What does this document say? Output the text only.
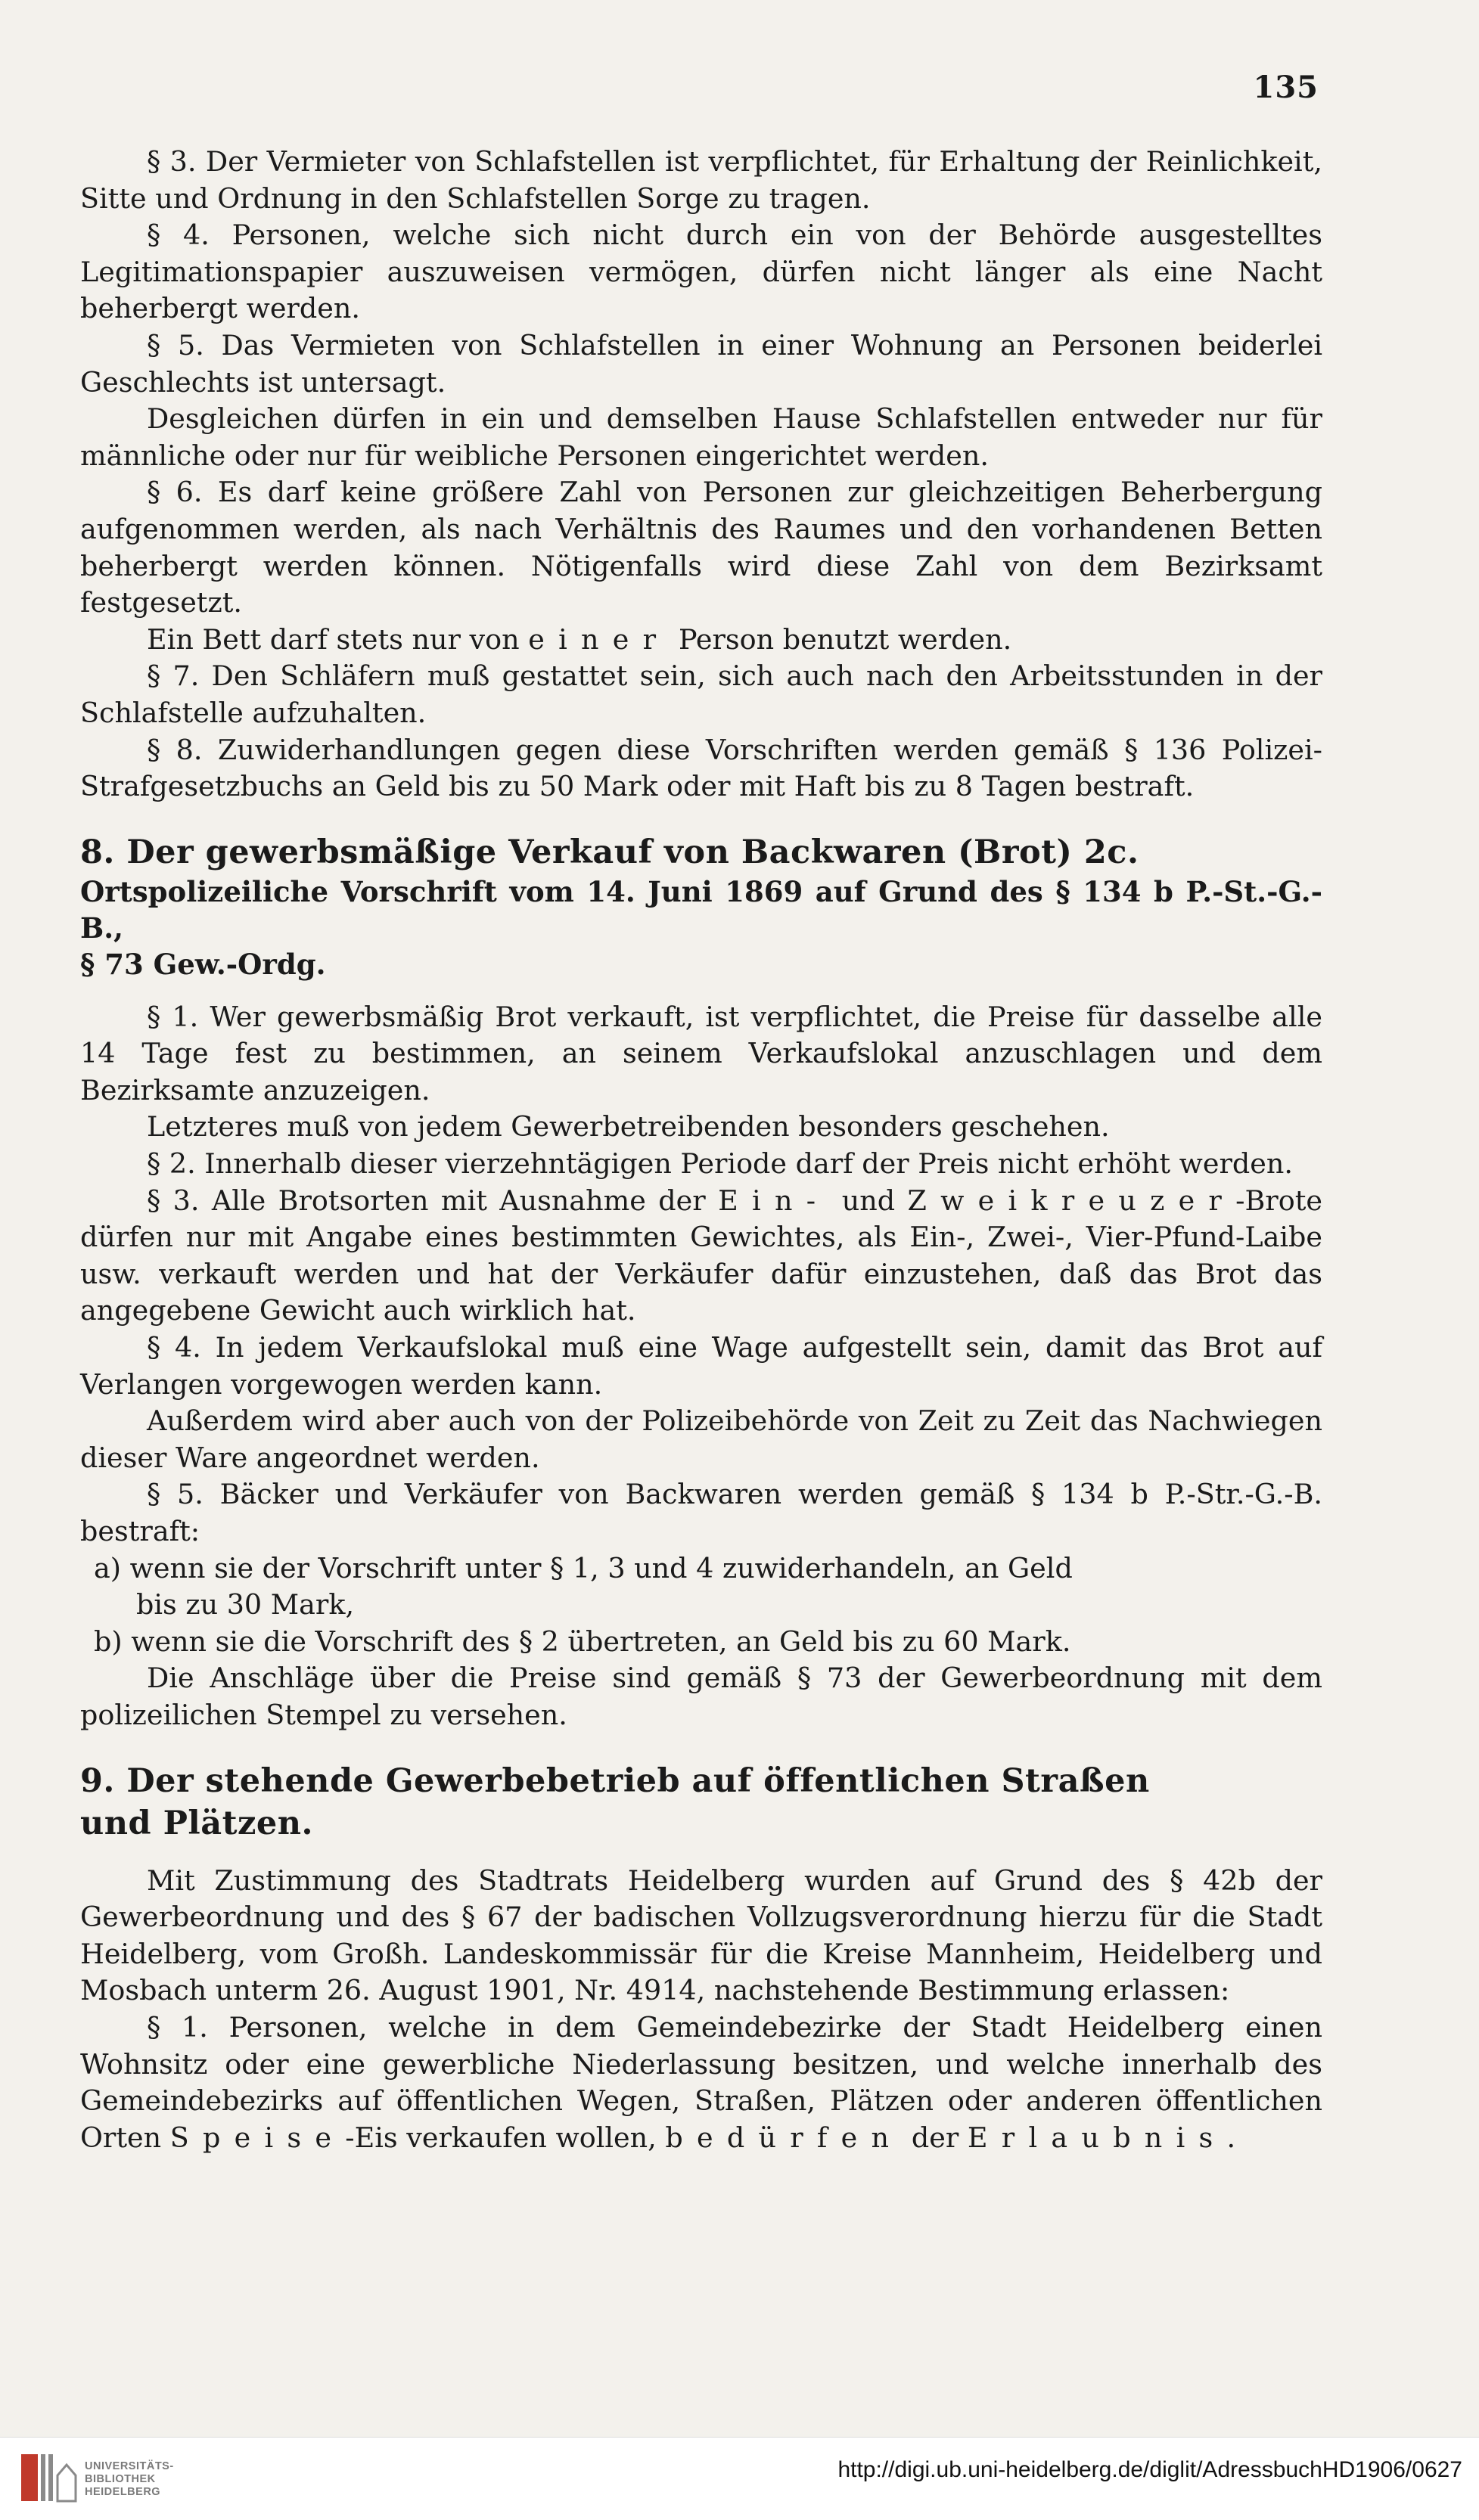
135

§ 3. Der Vermieter von Schlafstellen ist verpflichtet, für Erhaltung der Reinlichkeit, Sitte und Ordnung in den Schlafstellen Sorge zu tragen.

§ 4. Personen, welche sich nicht durch ein von der Behörde ausgestelltes Legitimationspapier auszuweisen vermögen, dürfen nicht länger als eine Nacht beherbergt werden.

§ 5. Das Vermieten von Schlafstellen in einer Wohnung an Personen beiderlei Geschlechts ist untersagt.

Desgleichen dürfen in ein und demselben Hause Schlafstellen entweder nur für männliche oder nur für weibliche Personen eingerichtet werden.

§ 6. Es darf keine größere Zahl von Personen zur gleichzeitigen Beherbergung aufgenommen werden, als nach Verhältnis des Raumes und den vorhandenen Betten beherbergt werden können. Nötigenfalls wird diese Zahl von dem Bezirksamt festgesetzt.

Ein Bett darf stets nur von einer Person benutzt werden.

§ 7. Den Schläfern muß gestattet sein, sich auch nach den Arbeitsstunden in der Schlafstelle aufzuhalten.

§ 8. Zuwiderhandlungen gegen diese Vorschriften werden gemäß § 136 Polizei-Strafgesetzbuchs an Geld bis zu 50 Mark oder mit Haft bis zu 8 Tagen bestraft.

8. Der gewerbsmäßige Verkauf von Backwaren (Brot) 2c.

Ortspolizeiliche Vorschrift vom 14. Juni 1869 auf Grund des § 134 b P.-St.-G.-B.,

§ 73 Gew.-Ordg.

§ 1. Wer gewerbsmäßig Brot verkauft, ist verpflichtet, die Preise für dasselbe alle 14 Tage fest zu bestimmen, an seinem Verkaufslokal anzuschlagen und dem Bezirksamte anzuzeigen.

Letzteres muß von jedem Gewerbetreibenden besonders geschehen.

§ 2. Innerhalb dieser vierzehntägigen Periode darf der Preis nicht erhöht werden.

§ 3. Alle Brotsorten mit Ausnahme der Ein- und Zweikreuzer-Brote dürfen nur mit Angabe eines bestimmten Gewichtes, als Ein-, Zwei-, Vier-Pfund-Laibe usw. verkauft werden und hat der Verkäufer dafür einzustehen, daß das Brot das angegebene Gewicht auch wirklich hat.

§ 4. In jedem Verkaufslokal muß eine Wage aufgestellt sein, damit das Brot auf Verlangen vorgewogen werden kann.

Außerdem wird aber auch von der Polizeibehörde von Zeit zu Zeit das Nachwiegen dieser Ware angeordnet werden.

§ 5. Bäcker und Verkäufer von Backwaren werden gemäß § 134 b P.-Str.-G.-B. bestraft:

a) wenn sie der Vorschrift unter § 1, 3 und 4 zuwiderhandeln, an Geld

bis zu 30 Mark,

b) wenn sie die Vorschrift des § 2 übertreten, an Geld bis zu 60 Mark.

Die Anschläge über die Preise sind gemäß § 73 der Gewerbeordnung mit dem polizeilichen Stempel zu versehen.

9. Der stehende Gewerbebetrieb auf öffentlichen Straßen

und Plätzen.

Mit Zustimmung des Stadtrats Heidelberg wurden auf Grund des § 42b der Gewerbeordnung und des § 67 der badischen Vollzugsverordnung hierzu für die Stadt Heidelberg, vom Großh. Landeskommissär für die Kreise Mannheim, Heidelberg und Mosbach unterm 26. August 1901, Nr. 4914, nachstehende Bestimmung erlassen:

§ 1. Personen, welche in dem Gemeindebezirke der Stadt Heidelberg einen Wohnsitz oder eine gewerbliche Niederlassung besitzen, und welche innerhalb des Gemeindebezirks auf öffentlichen Wegen, Straßen, Plätzen oder anderen öffentlichen Orten Speise-Eis verkaufen wollen, bedürfen der Erlaubnis.

UNIVERSITÄTS-
BIBLIOTHEK
HEIDELBERG
http://digi.ub.uni-heidelberg.de/diglit/AdressbuchHD1906/0627
